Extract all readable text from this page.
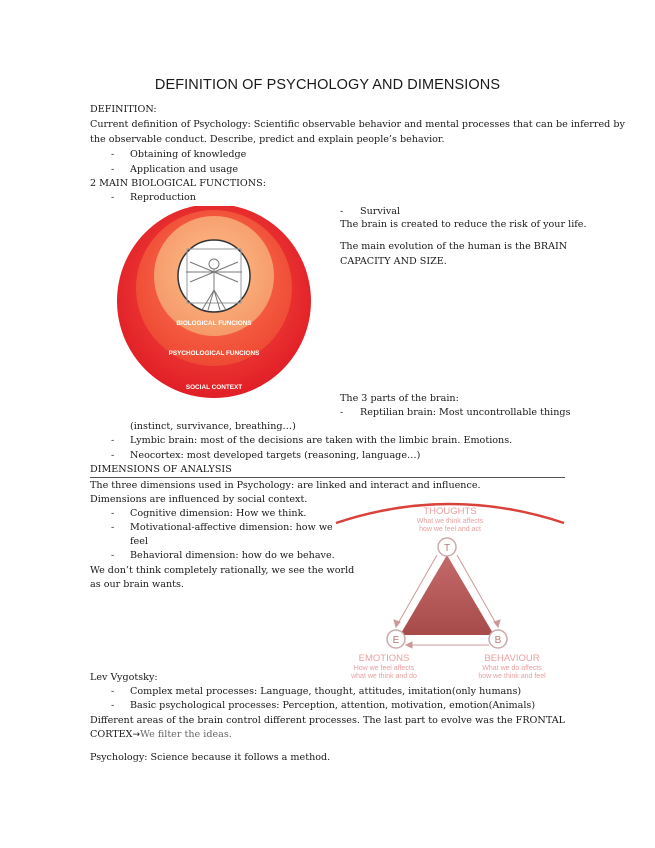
DEFINITION OF PSYCHOLOGY AND DIMENSIONS
DEFINITION:
Current definition of Psychology: Scientific observable behavior and mental processes that can be inferred by
the observable conduct. Describe, predict and explain people’s behavior.
- Obtaining of knowledge
- Application and usage
2 MAIN BIOLOGICAL FUNCTIONS:
- Reproduction
BIOLOGICAL FUNCIONS
PSYCHOLOGICAL FUNCIONS
SOCIAL CONTEXT
- Survival
The brain is created to reduce the risk of your life.
The main evolution of the human is the BRAIN
CAPACITY AND SIZE.
The 3 parts of the brain:
- Reptilian brain: Most uncontrollable things
(instinct, survivance, breathing…)
- Lymbic brain: most of the decisions are taken with the limbic brain. Emotions.
- Neocortex: most developed targets (reasoning, language…)
DIMENSIONS OF ANALYSIS
The three dimensions used in Psychology: are linked and interact and influence.
Dimensions are influenced by social context.
- Cognitive dimension: How we think.
- Motivational-affective dimension: how we
feel
- Behavioral dimension: how do we behave.
We don’t think completely rationally, we see the world
as our brain wants.
THOUGHTS
What we think affects
how we feel and act
T
E	B
EMOTIONS
How we feel affects
what we think and do
BEHAVIOUR
What we do affects
how we think and feel
Lev Vygotsky:
- Complex metal processes: Language, thought, attitudes, imitation(only humans)
- Basic psychological processes: Perception, attention, motivation, emotion(Animals)
Different areas of the brain control different processes. The last part to evolve was the FRONTAL
CORTEX→We filter the ideas.
Psychology: Science because it follows a method.
